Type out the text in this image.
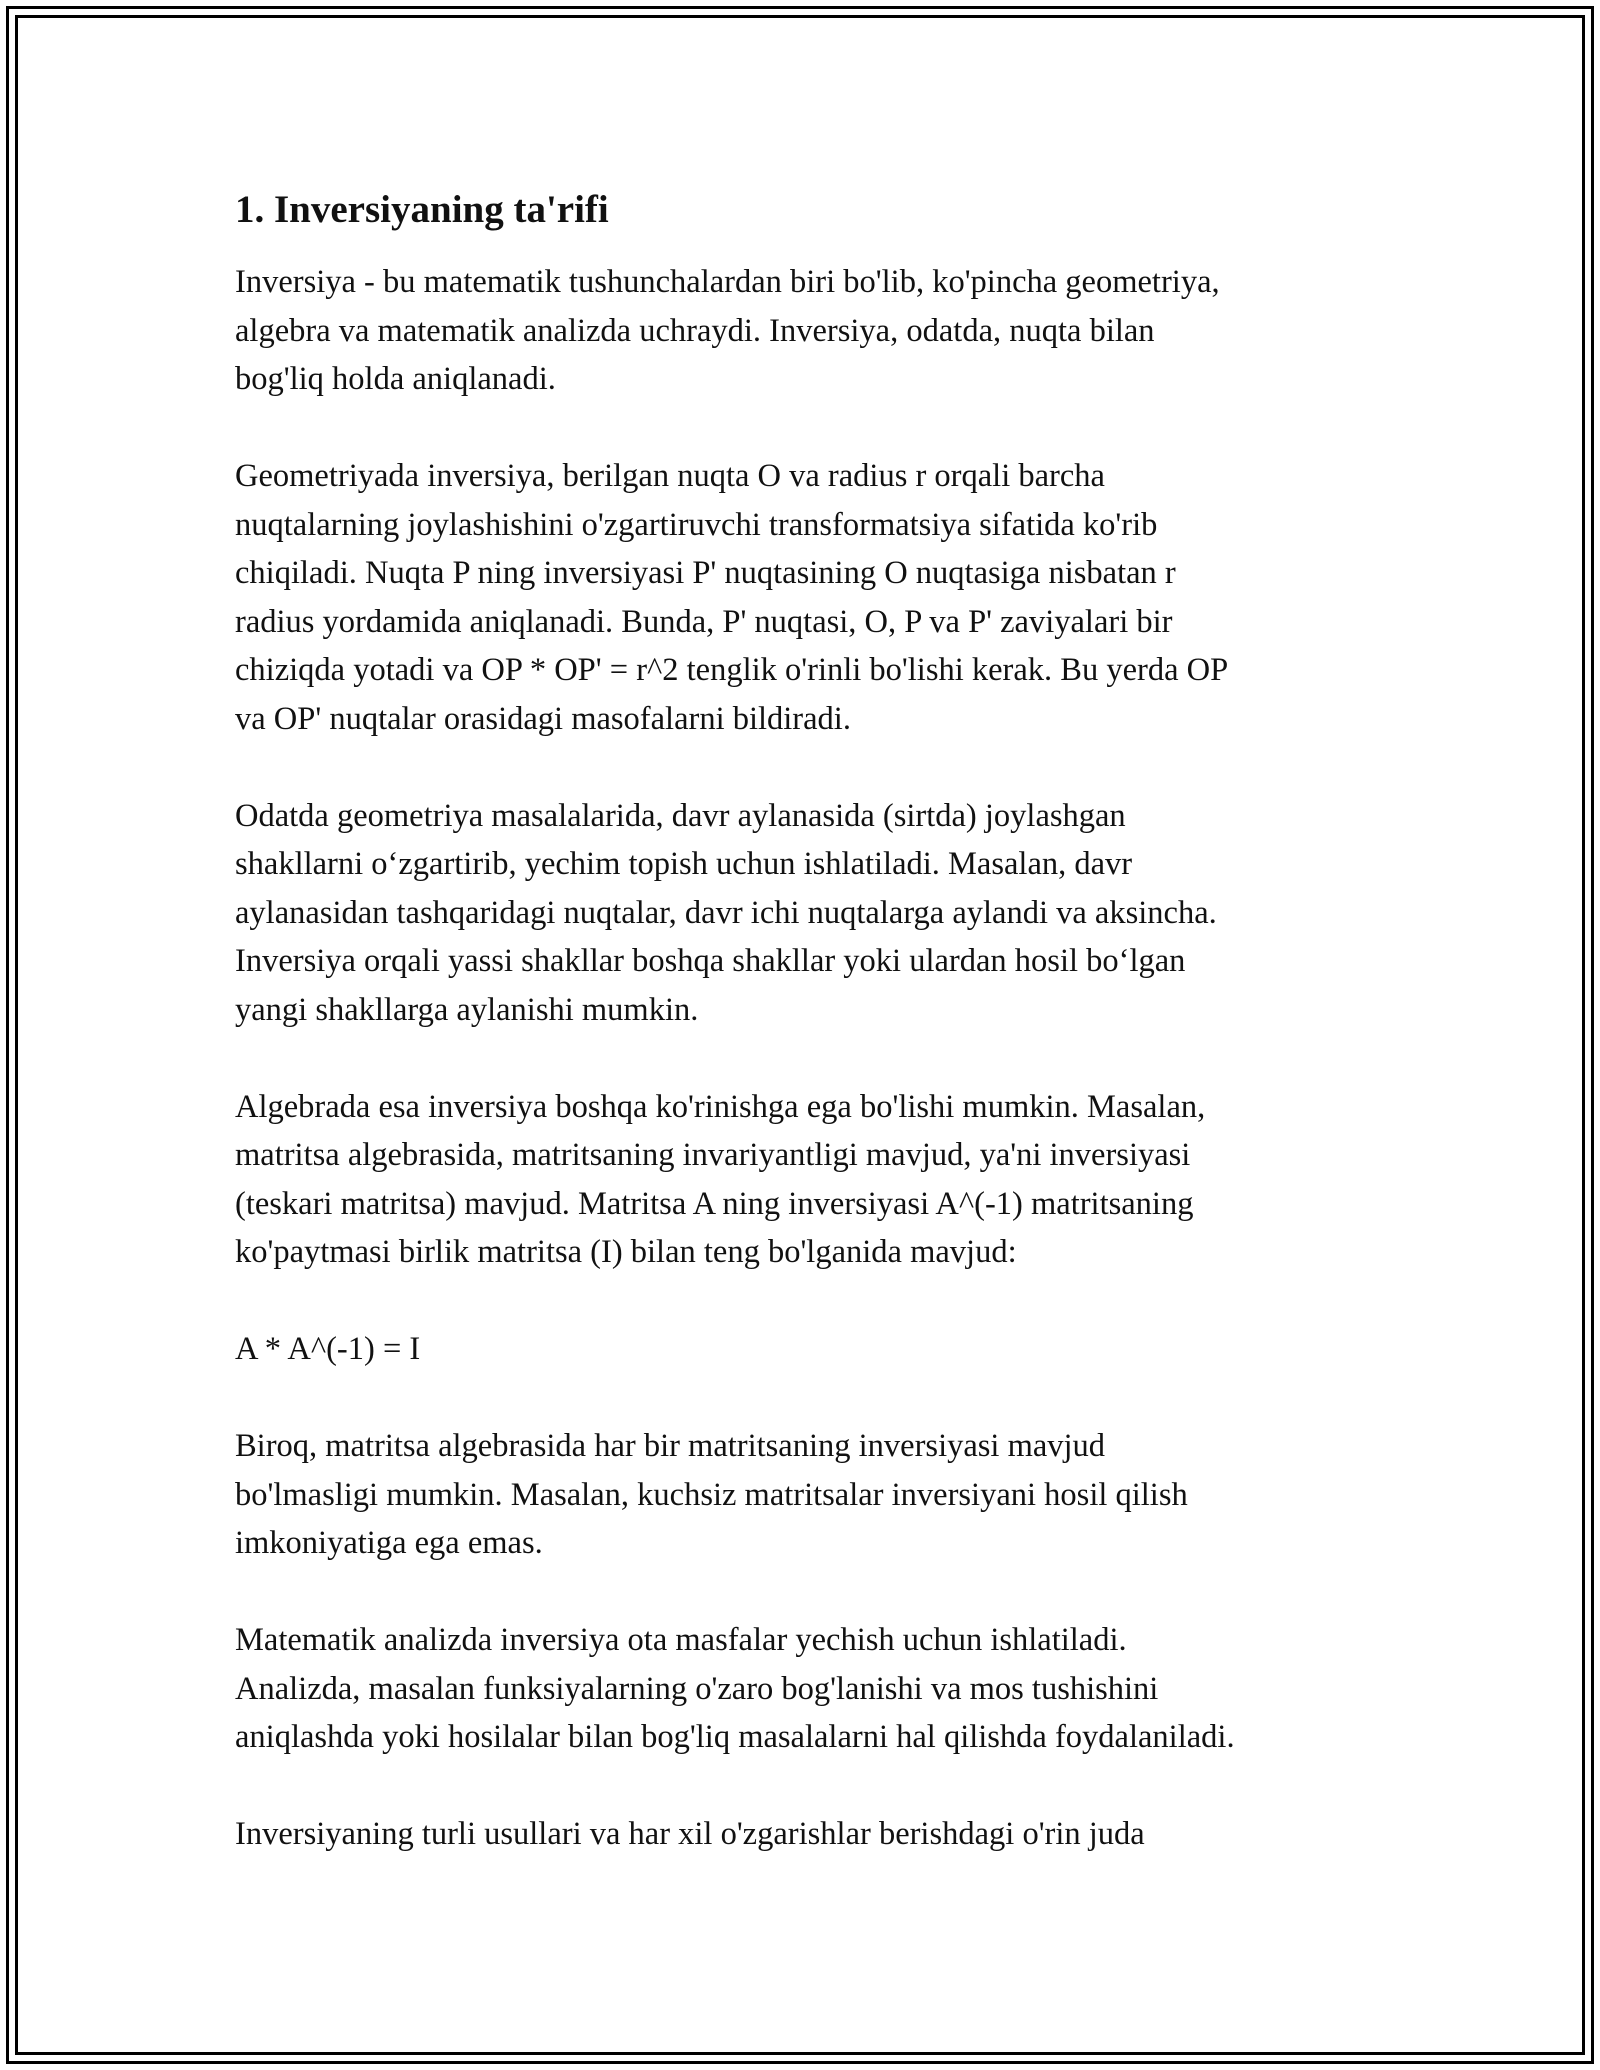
1. Inversiyaning ta'rifi

Inversiya - bu matematik tushunchalardan biri bo'lib, ko'pincha geometriya,
algebra va matematik analizda uchraydi. Inversiya, odatda, nuqta bilan
bog'liq holda aniqlanadi.

Geometriyada inversiya, berilgan nuqta O va radius r orqali barcha
nuqtalarning joylashishini o'zgartiruvchi transformatsiya sifatida ko'rib
chiqiladi. Nuqta P ning inversiyasi P' nuqtasining O nuqtasiga nisbatan r
radius yordamida aniqlanadi. Bunda, P' nuqtasi, O, P va P' zaviyalari bir
chiziqda yotadi va OP * OP' = r^2 tenglik o'rinli bo'lishi kerak. Bu yerda OP
va OP' nuqtalar orasidagi masofalarni bildiradi.

Odatda geometriya masalalarida, davr aylanasida (sirtda) joylashgan
shakllarni o‘zgartirib, yechim topish uchun ishlatiladi. Masalan, davr
aylanasidan tashqaridagi nuqtalar, davr ichi nuqtalarga aylandi va aksincha.
Inversiya orqali yassi shakllar boshqa shakllar yoki ulardan hosil bo‘lgan
yangi shakllarga aylanishi mumkin.

Algebrada esa inversiya boshqa ko'rinishga ega bo'lishi mumkin. Masalan,
matritsa algebrasida, matritsaning invariyantligi mavjud, ya'ni inversiyasi
(teskari matritsa) mavjud. Matritsa A ning inversiyasi A^(-1) matritsaning
ko'paytmasi birlik matritsa (I) bilan teng bo'lganida mavjud:

A * A^(-1) = I

Biroq, matritsa algebrasida har bir matritsaning inversiyasi mavjud
bo'lmasligi mumkin. Masalan, kuchsiz matritsalar inversiyani hosil qilish
imkoniyatiga ega emas.

Matematik analizda inversiya ota masfalar yechish uchun ishlatiladi.
Analizda, masalan funksiyalarning o'zaro bog'lanishi va mos tushishini
aniqlashda yoki hosilalar bilan bog'liq masalalarni hal qilishda foydalaniladi.

Inversiyaning turli usullari va har xil o'zgarishlar berishdagi o'rin juda
